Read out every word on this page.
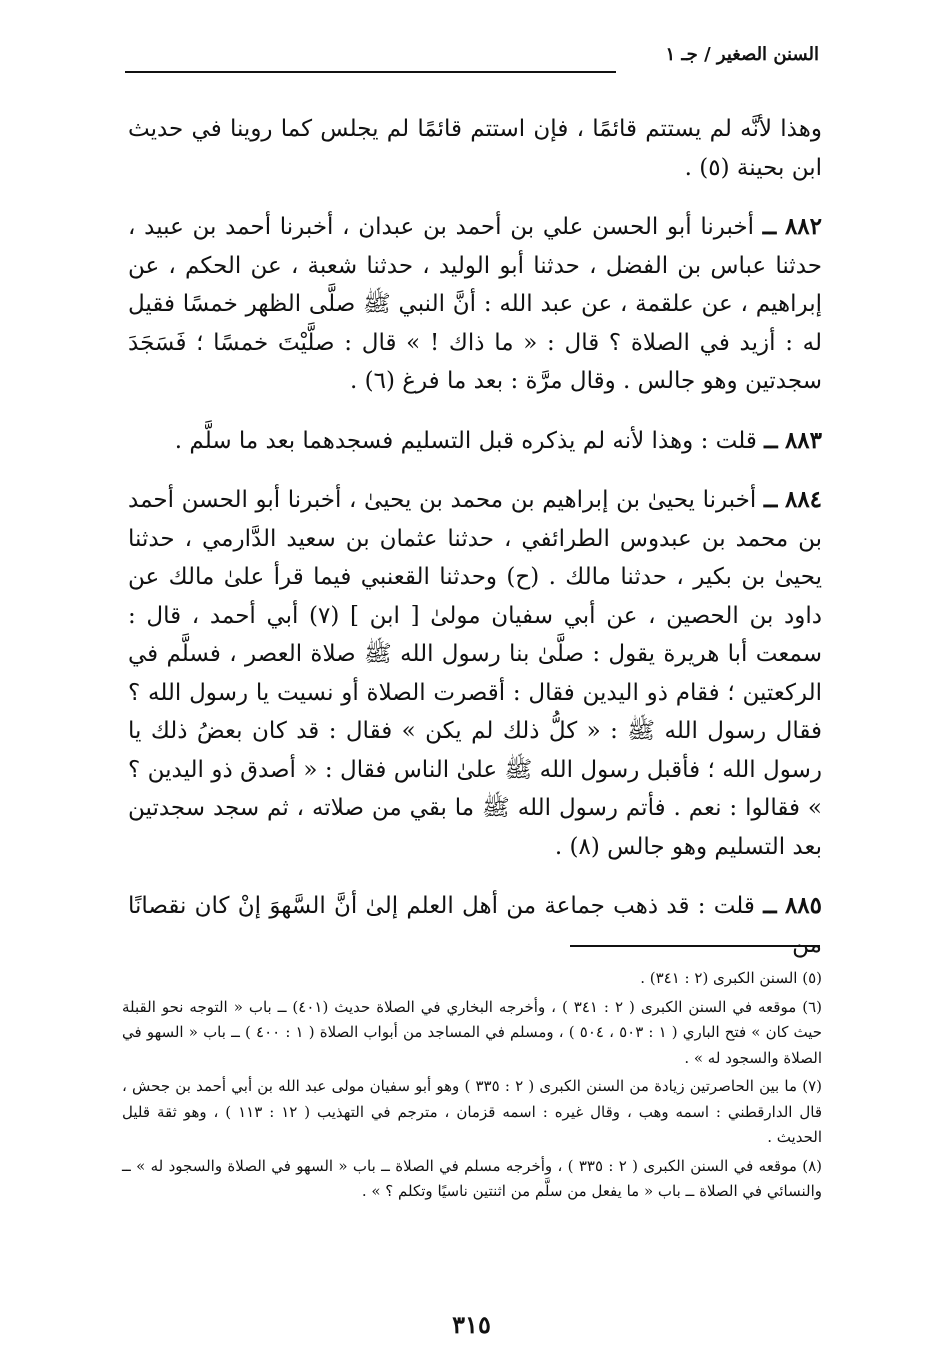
السنن الصغير / جـ ١

وهذا لأنَّه لم يستتم قائمًا ، فإن استتم قائمًا لم يجلس كما روينا في حديث ابن بحينة (٥) .

٨٨٢ ــ أخبرنا أبو الحسن علي بن أحمد بن عبدان ، أخبرنا أحمد بن عبيد ، حدثنا عباس بن الفضل ، حدثنا أبو الوليد ، حدثنا شعبة ، عن الحكم ، عن إبراهيم ، عن علقمة ، عن عبد الله : أنَّ النبي ﷺ صلَّى الظهر خمسًا فقيل له : أزيد في الصلاة ؟ قال : « ما ذاك ! » قال : صلَّيْتَ خمسًا ؛ فَسَجَدَ سجدتين وهو جالس . وقال مرَّة : بعد ما فرغ (٦) .

٨٨٣ ــ قلت : وهذا لأنه لم يذكره قبل التسليم فسجدهما بعد ما سلَّم .

٨٨٤ ــ أخبرنا يحيىٰ بن إبراهيم بن محمد بن يحيىٰ ، أخبرنا أبو الحسن أحمد بن محمد بن عبدوس الطرائفي ، حدثنا عثمان بن سعيد الدَّارمي ، حدثنا يحيىٰ بن بكير ، حدثنا مالك . (ح) وحدثنا القعنبي فيما قرأ علىٰ مالك عن داود بن الحصين ، عن أبي سفيان مولىٰ [ ابن ] (٧) أبي أحمد ، قال : سمعت أبا هريرة يقول : صلَّىٰ بنا رسول الله ﷺ صلاة العصر ، فسلَّم في الركعتين ؛ فقام ذو اليدين فقال : أقصرت الصلاة أو نسيت يا رسول الله ؟ فقال رسول الله ﷺ : « كلُّ ذلك لم يكن » فقال : قد كان بعضُ ذلك يا رسول الله ؛ فأقبل رسول الله ﷺ علىٰ الناس فقال : « أصدق ذو اليدين ؟ » فقالوا : نعم . فأتم رسول الله ﷺ ما بقي من صلاته ، ثم سجد سجدتين بعد التسليم وهو جالس (٨) .

٨٨٥ ــ قلت : قد ذهب جماعة من أهل العلم إلىٰ أنَّ السَّهوَ إنْ كان نقصانًا من

(٥) السنن الكبرى (٢ : ٣٤١) .

(٦) موقعه في السنن الكبرى ( ٢ : ٣٤١ ) ، وأخرجه البخاري في الصلاة حديث (٤٠١) ــ باب « التوجه نحو القبلة حيث كان » فتح الباري ( ١ : ٥٠٣ ، ٥٠٤ ) ، ومسلم في المساجد من أبواب الصلاة ( ١ : ٤٠٠ ) ــ باب « السهو في الصلاة والسجود له » .

(٧) ما بين الحاصرتين زيادة من السنن الكبرى ( ٢ : ٣٣٥ ) وهو أبو سفيان مولى عبد الله بن أبي أحمد بن جحش ، قال الدارقطني : اسمه وهب ، وقال غيره : اسمه قزمان ، مترجم في التهذيب ( ١٢ : ١١٣ ) ، وهو ثقة قليل الحديث .

(٨) موقعه في السنن الكبرى ( ٢ : ٣٣٥ ) ، وأخرجه مسلم في الصلاة ــ باب « السهو في الصلاة والسجود له » ــ والنسائي في الصلاة ــ باب « ما يفعل من سلَّم من اثنتين ناسيًا وتكلم ؟ » .

٣١٥
